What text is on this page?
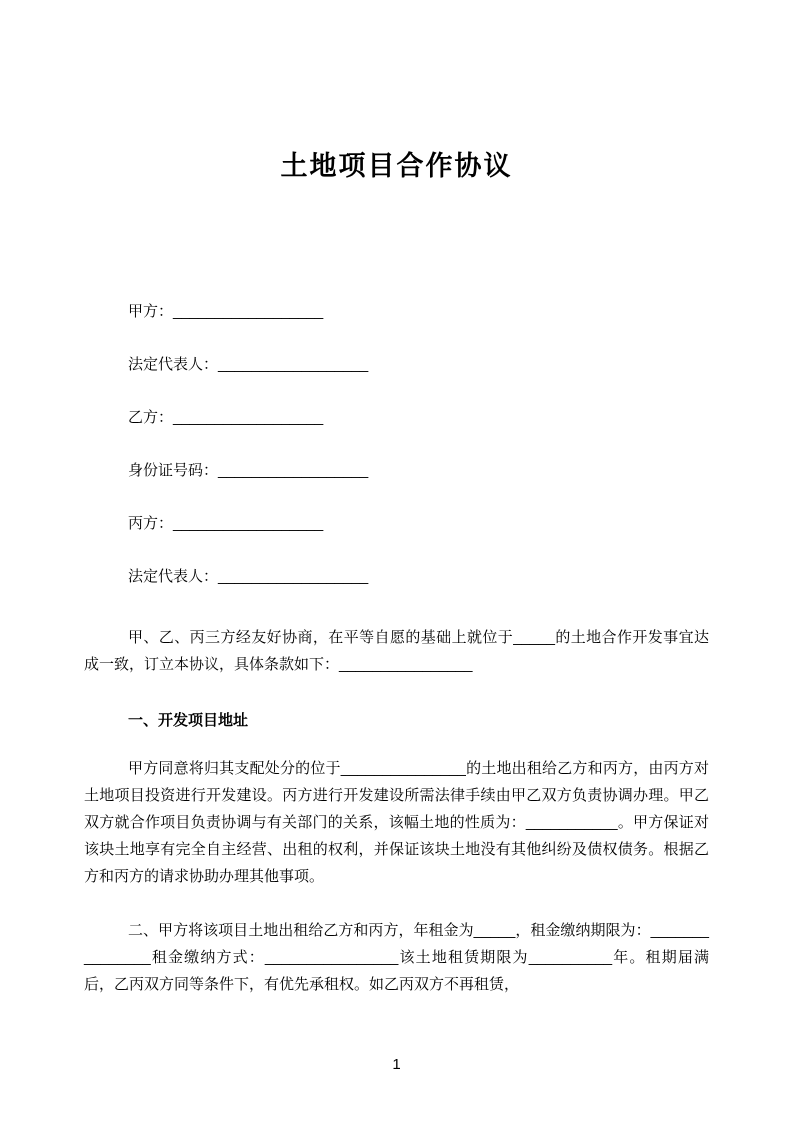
土地项目合作协议
甲方：__________________
法定代表人：__________________
乙方：__________________
身份证号码：__________________
丙方：__________________
法定代表人：__________________

甲、乙、丙三方经友好协商，在平等自愿的基础上就位于_____的土地合作开发事宜达成一致，订立本协议，具体条款如下：________________

一、开发项目地址

甲方同意将归其支配处分的位于_______________的土地出租给乙方和丙方，由丙方对土地项目投资进行开发建设。丙方进行开发建设所需法律手续由甲乙双方负责协调办理。甲乙双方就合作项目负责协调与有关部门的关系，该幅土地的性质为：___________。甲方保证对该块土地享有完全自主经营、出租的权利，并保证该块土地没有其他纠纷及债权债务。根据乙方和丙方的请求协助办理其他事项。

二、甲方将该项目土地出租给乙方和丙方，年租金为_____，租金缴纳期限为：_______________租金缴纳方式：________________该土地租赁期限为__________年。租期届满后，乙丙双方同等条件下，有优先承租权。如乙丙双方不再租赁，

1
